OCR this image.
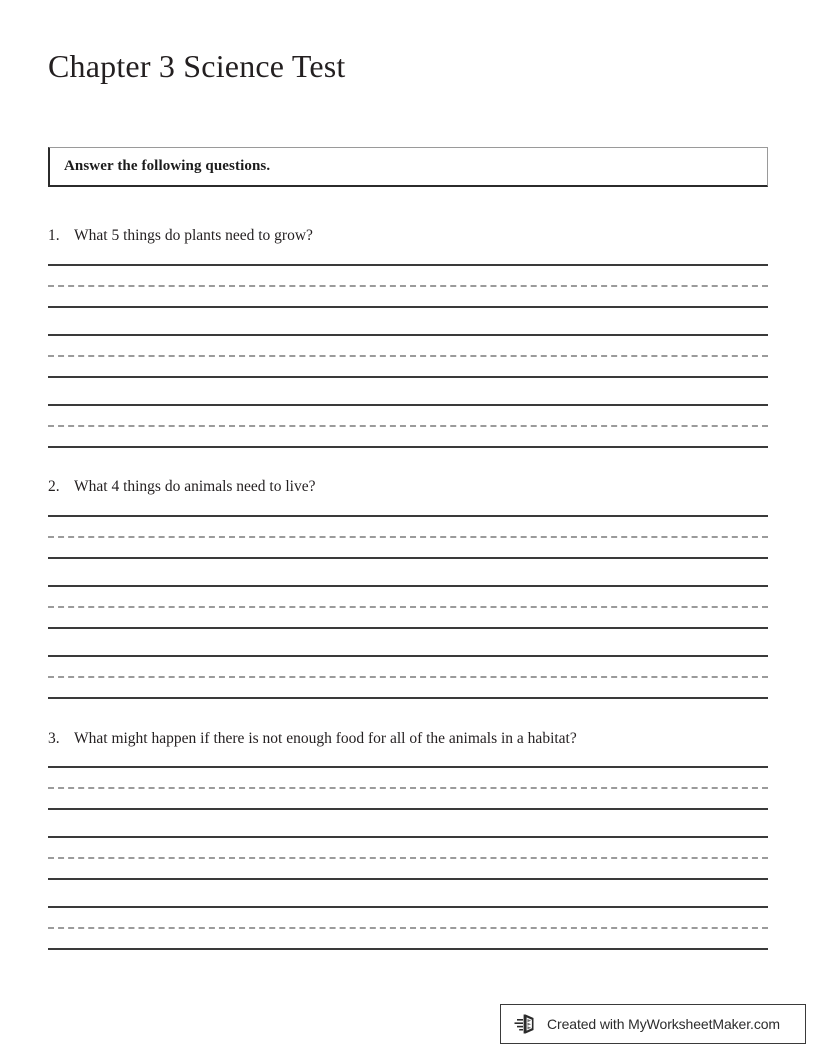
Chapter 3 Science Test
Answer the following questions.
1. What 5 things do plants need to grow?
2. What 4 things do animals need to live?
3. What might happen if there is not enough food for all of the animals in a habitat?
Created with MyWorksheetMaker.com
